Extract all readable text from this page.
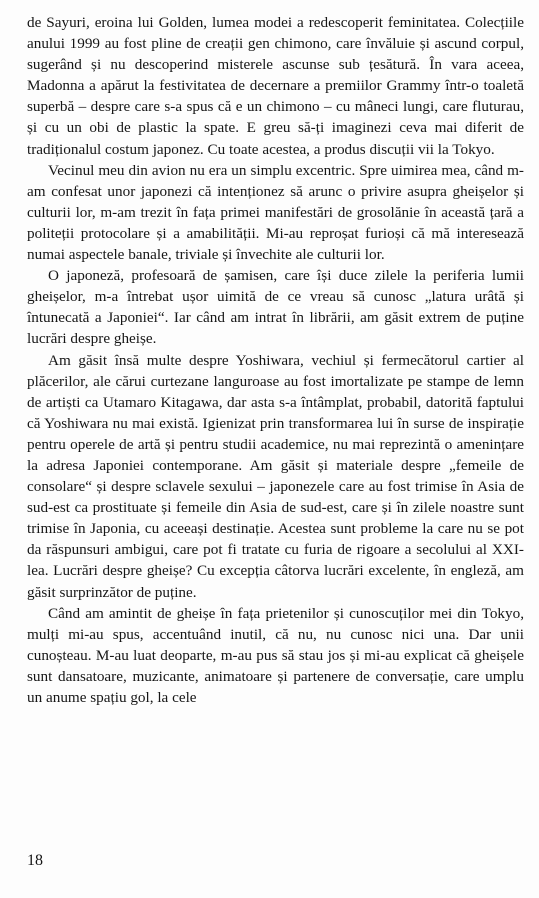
de Sayuri, eroina lui Golden, lumea modei a redescoperit feminitatea. Colecțiile anului 1999 au fost pline de creații gen chimono, care învăluie și ascund corpul, sugerând și nu descoperind misterele ascunse sub țesătură. În vara aceea, Madonna a apărut la festivitatea de decernare a premiilor Grammy într-o toaletă superbă – despre care s-a spus că e un chimono – cu mâneci lungi, care fluturau, și cu un obi de plastic la spate. E greu să-ți imaginezi ceva mai diferit de tradiționalul costum japonez. Cu toate acestea, a produs discuții vii la Tokyo.

Vecinul meu din avion nu era un simplu excentric. Spre uimirea mea, când m-am confesat unor japonezi că intenționez să arunc o privire asupra gheișelor și culturii lor, m-am trezit în fața primei manifestări de grosolănie în această țară a politeții protocolare și a amabilității. Mi-au reproșat furioși că mă interesează numai aspectele banale, triviale și învechite ale culturii lor.

O japoneză, profesoară de șamisen, care își duce zilele la periferia lumii gheișelor, m-a întrebat ușor uimită de ce vreau să cunosc „latura urâtă și întunecată a Japoniei“. Iar când am intrat în librării, am găsit extrem de puține lucrări despre gheișe.

Am găsit însă multe despre Yoshiwara, vechiul și fermecătorul cartier al plăcerilor, ale cărui curtezane languroase au fost imortalizate pe stampe de lemn de artiști ca Utamaro Kitagawa, dar asta s-a întâmplat, probabil, datorită faptului că Yoshiwara nu mai există. Igienizat prin transformarea lui în surse de inspirație pentru operele de artă și pentru studii academice, nu mai reprezintă o amenințare la adresa Japoniei contemporane. Am găsit și materiale despre „femeile de consolare“ și despre sclavele sexului – japonezele care au fost trimise în Asia de sud-est ca prostituate și femeile din Asia de sud-est, care și în zilele noastre sunt trimise în Japonia, cu aceeași destinație. Acestea sunt probleme la care nu se pot da răspunsuri ambigui, care pot fi tratate cu furia de rigoare a secolului al XXI-lea. Lucrări despre gheișe? Cu excepția câtorva lucrări excelente, în engleză, am găsit surprinzător de puține.

Când am amintit de gheișe în fața prietenilor și cunoscuților mei din Tokyo, mulți mi-au spus, accentuând inutil, că nu, nu cunosc nici una. Dar unii cunoșteau. M-au luat deoparte, m-au pus să stau jos și mi-au explicat că gheișele sunt dansatoare, muzicante, animatoare și partenere de conversație, care umplu un anume spațiu gol, la cele

18
